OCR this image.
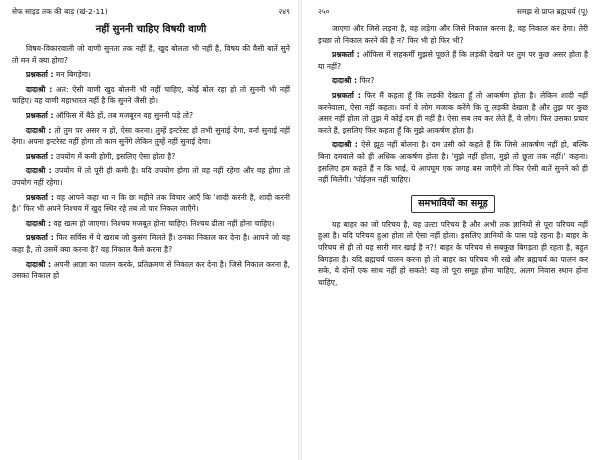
सेफ साइड तक की बाड़ (खं-2-11)	२४९
नहीं सुननी चाहिए विषयी वाणी

विषय-विकारवाली जो वाणी सुनता तक नहीं है, खुद बोलता भी नहीं है, विषय की वैसी बातें सुने तो मन में क्या होगा?

प्रश्नकर्ता : मन बिगड़ेगा।

दादाश्री : अत: ऐसी वाणी खुद बोलनी भी नहीं चाहिए, कोई बोल रहा हो तो सुननी भी नहीं चाहिए। वह वाणी महाभारत नहीं है कि सुनने जैसी हो।

प्रश्नकर्ता : ऑफिस में बैठे हों, तब मजबूरन वह सुननी पड़े तो?

दादाश्री : तो तुम पर असर न हो, ऐसा करना। तुम्हें इन्टरेस्ट हो तभी सुनाई देगा, वर्ना सुनाई नहीं देगा। अपना इन्टरेस्ट नहीं होगा तो कान सुनेंगे लेकिन तुम्हें नहीं सुनाई देगा।

प्रश्नकर्ता : उपयोग में कमी होगी, इसलिए ऐसा होता है?

दादाश्री : उपयोग में तो पूरी ही कमी है। यदि उपयोग होगा तो वह नहीं रहेगा और वह होगा तो उपयोग नहीं रहेगा।

प्रश्नकर्ता : वह आपने कहा था न कि छः महीने तक विचार आएँ कि 'शादी करनी है, शादी करनी है।' फिर भी अपने निश्चय में खुद स्थिर रहे तब तो पार निकल जाएँगे।

दादाश्री : वह खत्म हो जाएगा। निश्चय मजबूत होना चाहिए। निश्चय ढीला नहीं होना चाहिए।

प्रश्नकर्ता : फिर सर्विस में ये खराब जो कुसंग मिलते हैं। उनका निकाल कर देना है। आपने जो वह कहा है, तो उसमें क्या करना है? वह निकाल कैसे करना है?

दादाश्री : अपनी आज्ञा का पालन करके, प्रतिक्रमण से निकाल कर देना है। जिसे निकाल करना है, उसका निकाल हो

२५०	समझ से प्राप्त ब्रह्मचर्य (पू)

जाएगा और जिसे लड़ना है, वह लड़ेगा और जिसे निकाल करना है, वह निकाल कर देगा। तेरी इच्छा तो निकाल करने की है न? फिर भी हो फिर भी?

प्रश्नकर्ता : ऑफिस में सहकर्मी मुझसे पूछते हैं कि लड़की देखने पर तुम पर कुछ असर होता है या नहीं?

दादाश्री : फिर?

प्रश्नकर्ता : फिर मैं कहता हूँ कि लड़की देखता हूँ तो आकर्षण होता है। लेकिन शादी नहीं करनेवाला, ऐसा नहीं कहता। वर्ना वे लोग मजाक करेंगे कि तू लड़की देखता है और तुझ पर कुछ असर नहीं होता तो तुझ में कोई दम ही नहीं है। ऐसा सब तय कर लेते हैं, वे लोग। फिर उसका प्रचार करते हैं, इसलिए फिर कहता हूँ कि मुझे आकर्षण होता है।

दादाश्री : ऐसे झूठ नहीं बोलना है। दम उसी को कहते हैं कि जिसे आकर्षण नहीं हो, बल्कि बिना दमवाले को ही अधिक आकर्षण होता है। 'मुझे नहीं होता, मुझे तो छूता तक नहीं।' कहना। इसलिए हम कहते हैं न कि भाई, ये आपघूम एक जगह बस जाएँगे तो फिर ऐसी बातें सुनने को ही नहीं मिलेंगी। 'पोईज़न नहीं चाहिए।

समभावियों का समूह

यह बाहर का जो परिचय है, वह उल्टा परिचय है और अभी तक ज्ञानियों से पूरा परिचय नहीं हुआ है। यदि परिचय हुआ होता तो ऐसा नहीं होता। इसलिए ज्ञानियों के पास पड़े रहना है। बाहर के परिचय से ही तो यह सारी मार खाई है न?! बाहर के परिचय से सबकुछ बिगड़ता ही रहता है, बहुत बिगड़ता है। यदि ब्रह्मचर्य पालन करना हो तो बाहर का परिचय भी रखे और ब्रह्मचर्य का पालन कर सके, ये दोनों एक साथ नहीं हो सकते! यह तो पूरा समूह होना चाहिए, अलग निवास स्थान होना चाहिए,
